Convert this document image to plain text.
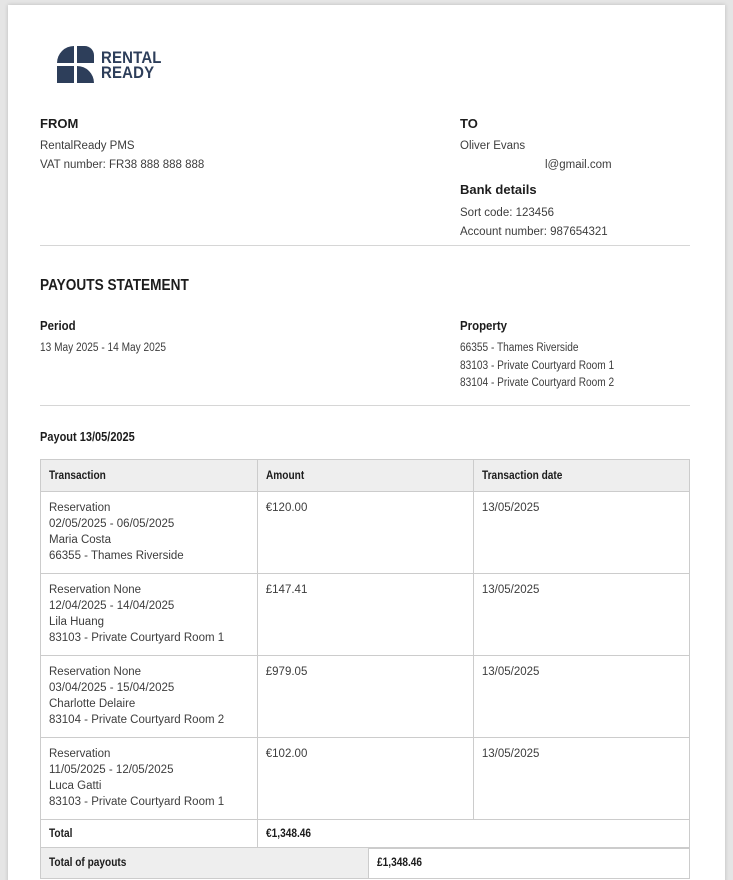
RENTAL
READY
FROM
RentalReady PMS
VAT number: FR38 888 888 888
TO
Oliver Evans
l@gmail.com
Bank details
Sort code: 123456
Account number: 987654321
PAYOUTS STATEMENT
Period
13 May 2025 - 14 May 2025
Property
66355 - Thames Riverside
83103 - Private Courtyard Room 1
83104 - Private Courtyard Room 2
Payout 13/05/2025
Transaction	Amount	Transaction date

Reservation
02/05/2025 - 06/05/2025
Maria Costa
66355 - Thames Riverside	€120.00	13/05/2025

Reservation None
12/04/2025 - 14/04/2025
Lila Huang
83103 - Private Courtyard Room 1	£147.41	13/05/2025

Reservation None
03/04/2025 - 15/04/2025
Charlotte Delaire
83104 - Private Courtyard Room 2	£979.05	13/05/2025

Reservation
11/05/2025 - 12/05/2025
Luca Gatti
83103 - Private Courtyard Room 1	€102.00	13/05/2025
Total	€1,348.46	
Total of payouts	£1,348.46
